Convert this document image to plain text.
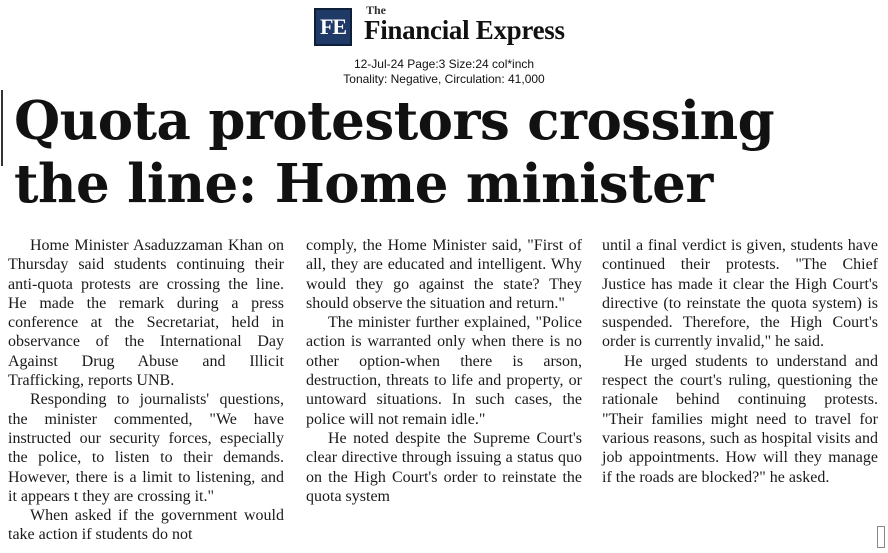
FE
The
Financial Express
12-Jul-24 Page:3 Size:24 col*inch
Tonality: Negative, Circulation: 41,000
Quota protestors crossing
the line: Home minister

Home Minister Asaduzzaman Khan on Thursday said students continuing their anti-quota protests are crossing the line. He made the remark during a press conference at the Secretariat, held in observance of the International Day Against Drug Abuse and Illicit Trafficking, reports UNB.

Responding to journalists' questions, the minister commented, "We have instructed our security forces, especially the police, to listen to their demands. However, there is a limit to listening, and it appears t they are crossing it."

When asked if the government would take action if students do not

comply, the Home Minister said, "First of all, they are educated and intelligent. Why would they go against the state? They should observe the situation and return."

The minister further explained, "Police action is warranted only when there is no other option-when there is arson, destruction, threats to life and property, or untoward situations. In such cases, the police will not remain idle."

He noted despite the Supreme Court's clear directive through issuing a status quo on the High Court's order to reinstate the quota system

until a final verdict is given, students have continued their protests. "The Chief Justice has made it clear the High Court's directive (to reinstate the quota system) is suspended. Therefore, the High Court's order is currently invalid," he said.

He urged students to understand and respect the court's ruling, questioning the rationale behind continuing protests. "Their families might need to travel for various reasons, such as hospital visits and job appointments. How will they manage if the roads are blocked?" he asked.
